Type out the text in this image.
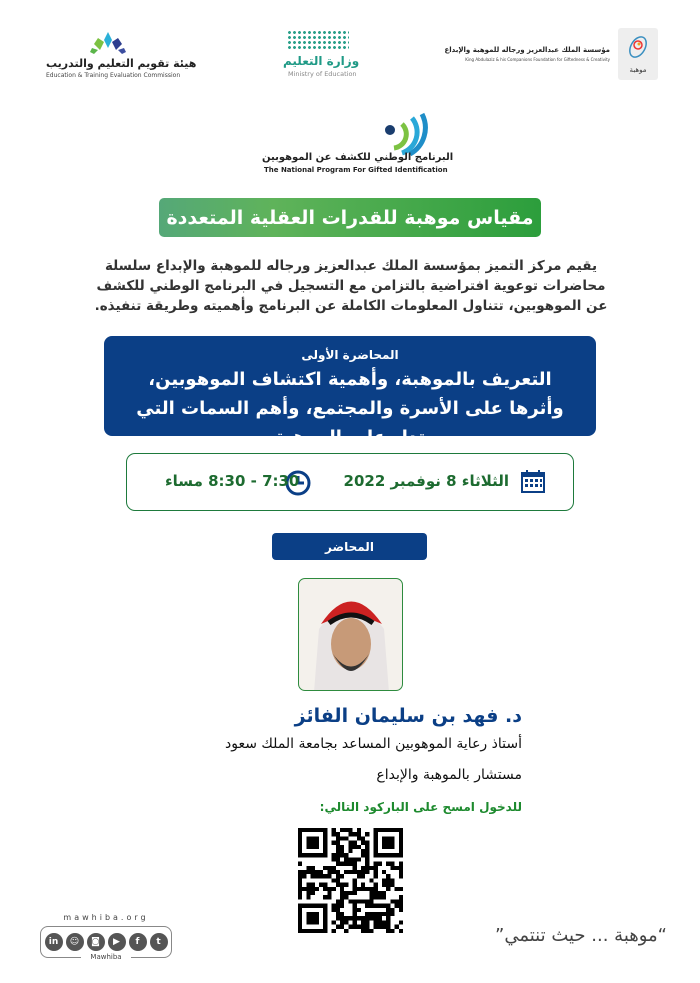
موهبة
مؤسسة الملك عبدالعزيز ورجاله للموهبة والإبداع
King Abdulaziz & his Companions Foundation for Giftedness & Creativity
وزارة التعليم
Ministry of Education
هيئة تقويم التعليم والتدريب
Education & Training Evaluation Commission
البرنامج الوطني للكشف عن الموهوبين
The National Program For Gifted Identification
مقياس موهبة للقدرات العقلية المتعددة
يقيم مركز التميز بمؤسسة الملك عبدالعزيز ورجاله للموهبة والإبداع سلسلة محاضرات توعوية افتراضية بالتزامن مع التسجيل في البرنامج الوطني للكشف عن الموهوبين، تتناول المعلومات الكاملة عن البرنامج وأهميته وطريقة تنفيذه.
المحاضرة الأولى
التعريف بالموهبة، وأهمية اكتشاف الموهوبين، وأثرها على الأسرة والمجتمع، وأهم السمات التي تدل على الموهبة
الثلاثاء 8 نوفمبر 2022
7:30 - 8:30 مساء
المحاضر
د. فهد بن سليمان الفائز
أستاذ رعاية الموهوبين المساعد بجامعة الملك سعود
مستشار بالموهبة والإبداع
للدخول امسح على الباركود التالي:
mawhiba.org
in	☺	◙	▶	f	t
Mawhiba
“موهبة ... حيث تنتمي”
